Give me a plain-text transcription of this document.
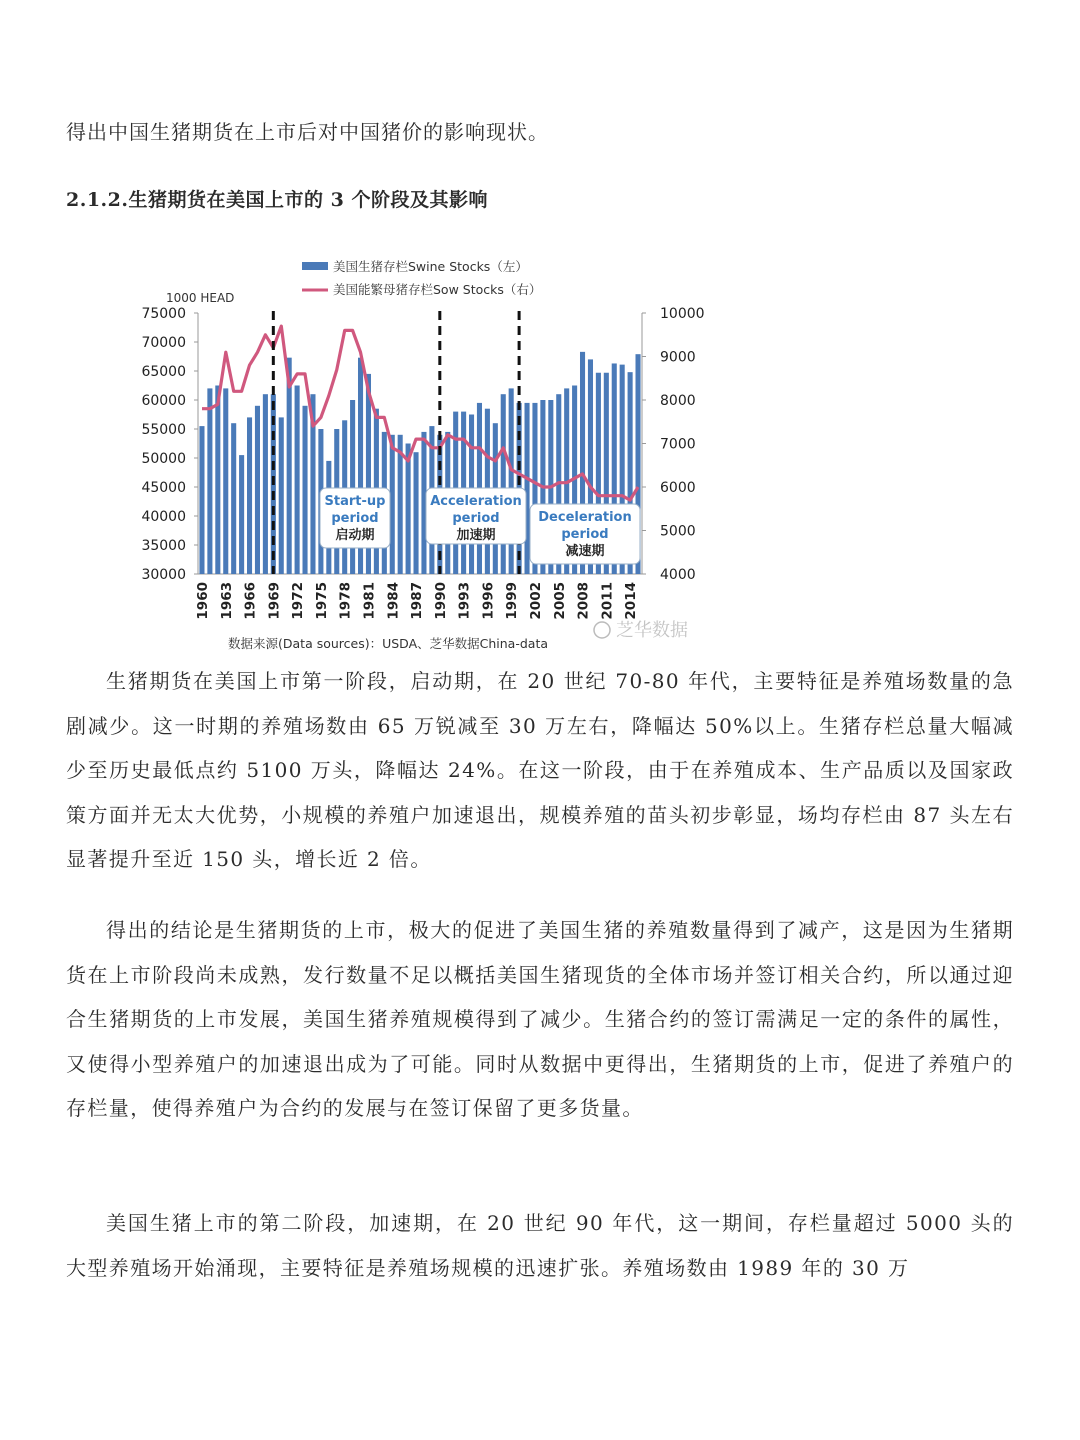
得出中国生猪期货在上市后对中国猪价的影响现状。

2.1.2.生猪期货在美国上市的 3 个阶段及其影响

美国生猪存栏Swine Stocks（左）
美国能繁母猪存栏Sow Stocks（右）
1000 HEAD
75000
70000
65000
60000
55000
50000
45000
40000
35000
30000
10000
9000
8000
7000
6000
5000
4000
Start-up
period
启动期
Acceleration
period
加速期
Deceleration
period
减速期
1960 1963 1966 1969 1972 1975 1978 1981 1984 1987 1990 1993 1996 1999 2002 2005 2008 2011 2014
数据来源(Data sources)：USDA、芝华数据China-data
芝华数据

生猪期货在美国上市第一阶段，启动期，在 20 世纪 70-80 年代，主要特征是养殖场数量的急剧减少。这一时期的养殖场数由 65 万锐减至 30 万左右，降幅达 50%以上。生猪存栏总量大幅减少至历史最低点约 5100 万头，降幅达 24%。在这一阶段，由于在养殖成本、生产品质以及国家政策方面并无太大优势，小规模的养殖户加速退出，规模养殖的苗头初步彰显，场均存栏由 87 头左右显著提升至近 150 头，增长近 2 倍。

得出的结论是生猪期货的上市，极大的促进了美国生猪的养殖数量得到了减产，这是因为生猪期货在上市阶段尚未成熟，发行数量不足以概括美国生猪现货的全体市场并签订相关合约，所以通过迎合生猪期货的上市发展，美国生猪养殖规模得到了减少。生猪合约的签订需满足一定的条件的属性，又使得小型养殖户的加速退出成为了可能。同时从数据中更得出，生猪期货的上市，促进了养殖户的存栏量，使得养殖户为合约的发展与在签订保留了更多货量。

美国生猪上市的第二阶段，加速期，在 20 世纪 90 年代，这一期间，存栏量超过 5000 头的大型养殖场开始涌现，主要特征是养殖场规模的迅速扩张。养殖场数由 1989 年的 30 万
